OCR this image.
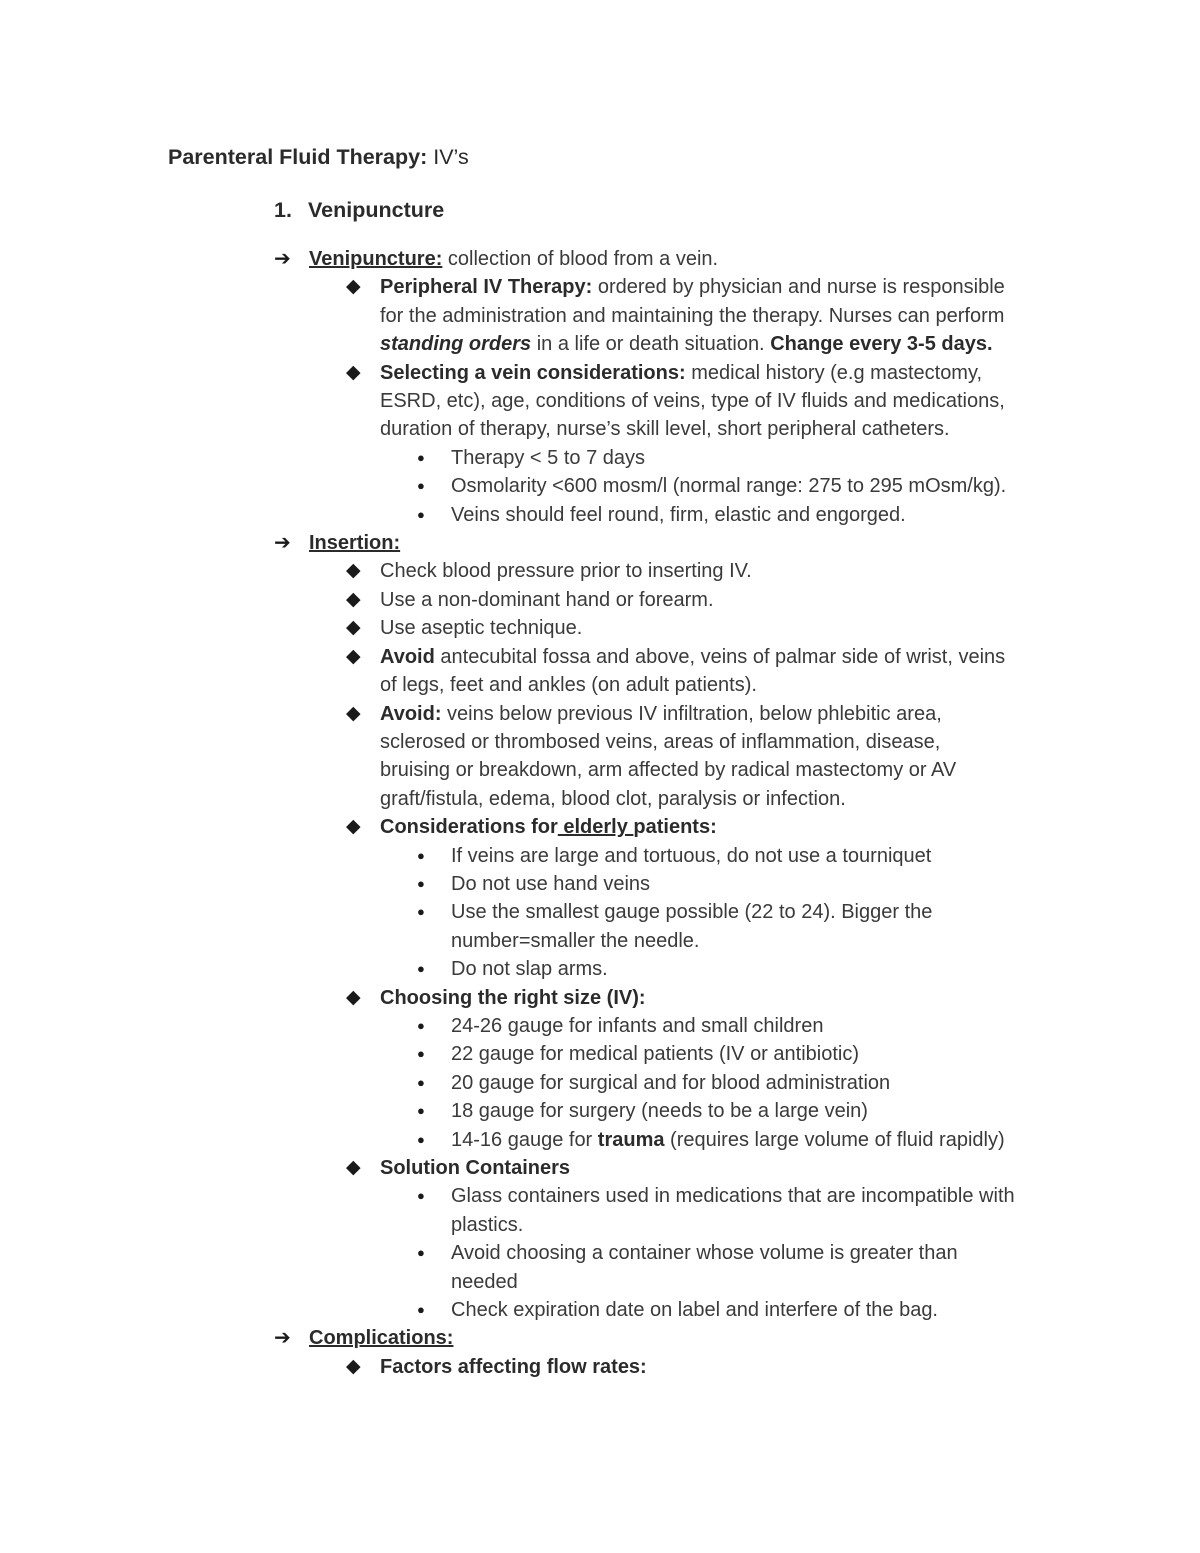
Parenteral Fluid Therapy: IV’s
1. Venipuncture
➔ Venipuncture: collection of blood from a vein.
◆ Peripheral IV Therapy: ordered by physician and nurse is responsible
for the administration and maintaining the therapy. Nurses can perform
standing orders in a life or death situation. Change every 3-5 days.
◆ Selecting a vein considerations: medical history (e.g mastectomy,
ESRD, etc), age, conditions of veins, type of IV fluids and medications,
duration of therapy, nurse’s skill level, short peripheral catheters.
● Therapy < 5 to 7 days
● Osmolarity <600 mosm/l (normal range: 275 to 295 mOsm/kg).
● Veins should feel round, firm, elastic and engorged.
➔ Insertion:
◆ Check blood pressure prior to inserting IV.
◆ Use a non-dominant hand or forearm.
◆ Use aseptic technique.
◆ Avoid antecubital fossa and above, veins of palmar side of wrist, veins
of legs, feet and ankles (on adult patients).
◆ Avoid: veins below previous IV infiltration, below phlebitic area,
sclerosed or thrombosed veins, areas of inflammation, disease,
bruising or breakdown, arm affected by radical mastectomy or AV
graft/fistula, edema, blood clot, paralysis or infection.
◆ Considerations for elderly patients:
● If veins are large and tortuous, do not use a tourniquet
● Do not use hand veins
● Use the smallest gauge possible (22 to 24). Bigger the
number=smaller the needle.
● Do not slap arms.
◆ Choosing the right size (IV):
● 24-26 gauge for infants and small children
● 22 gauge for medical patients (IV or antibiotic)
● 20 gauge for surgical and for blood administration
● 18 gauge for surgery (needs to be a large vein)
● 14-16 gauge for trauma (requires large volume of fluid rapidly)
◆ Solution Containers
● Glass containers used in medications that are incompatible with
plastics.
● Avoid choosing a container whose volume is greater than
needed
● Check expiration date on label and interfere of the bag.
➔ Complications:
◆ Factors affecting flow rates:
